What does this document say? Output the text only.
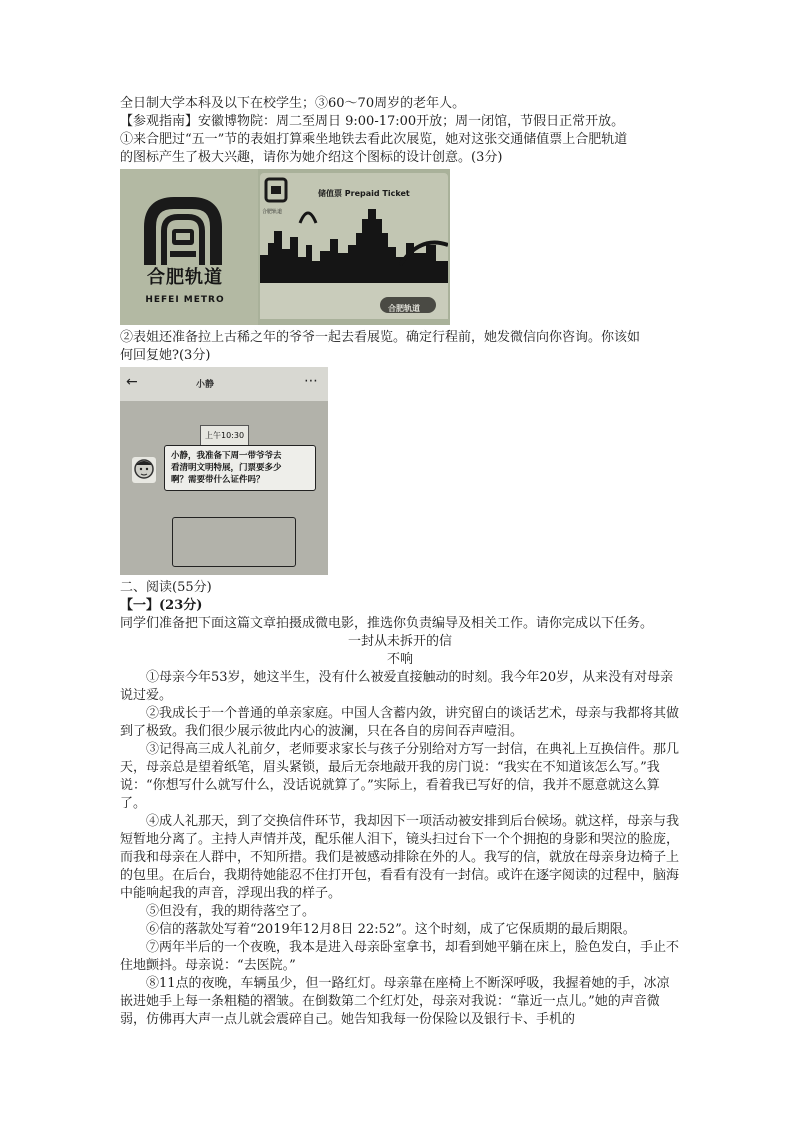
全日制大学本科及以下在校学生；③60～70周岁的老年人。
【参观指南】安徽博物院：周二至周日 9:00-17:00开放；周一闭馆，节假日正常开放。
①来合肥过“五一”节的表姐打算乘坐地铁去看此次展览，她对这张交通储值票上合肥轨道
的图标产生了极大兴趣，请你为她介绍这个图标的设计创意。(3分)
合肥轨道
HEFEI METRO
合肥轨道
储值票 Prepaid Ticket
合肥轨道
②表姐还准备拉上古稀之年的爷爷一起去看展览。确定行程前，她发微信向你咨询。你该如
何回复她?(3分)
←	小静	⋯
上午10:30
小静，我准备下周一带爷爷去
看清明文明特展，门票要多少
啊？需要带什么证件吗？
二、阅读(55分)
【一】(23分)
同学们准备把下面这篇文章拍摄成微电影，推选你负责编导及相关工作。请你完成以下任务。
一封从未拆开的信
不响
①母亲今年53岁，她这半生，没有什么被爱直接触动的时刻。我今年20岁，从来没有对母亲说过爱。
②我成长于一个普通的单亲家庭。中国人含蓄内敛，讲究留白的谈话艺术，母亲与我都将其做到了极致。我们很少展示彼此内心的波澜，只在各自的房间吞声噎泪。
③记得高三成人礼前夕，老师要求家长与孩子分别给对方写一封信，在典礼上互换信件。那几天，母亲总是望着纸笔，眉头紧锁，最后无奈地敲开我的房门说：“我实在不知道该怎么写。”我说：“你想写什么就写什么，没话说就算了。”实际上，看着我已写好的信，我并不愿意就这么算了。
④成人礼那天，到了交换信件环节，我却因下一项活动被安排到后台候场。就这样，母亲与我短暂地分离了。主持人声情并茂，配乐催人泪下，镜头扫过台下一个个拥抱的身影和哭泣的脸庞，而我和母亲在人群中，不知所措。我们是被感动排除在外的人。我写的信，就放在母亲身边椅子上的包里。在后台，我期待她能忍不住打开包，看看有没有一封信。或许在逐字阅读的过程中，脑海中能响起我的声音，浮现出我的样子。
⑤但没有，我的期待落空了。
⑥信的落款处写着“2019年12月8日 22:52”。这个时刻，成了它保质期的最后期限。
⑦两年半后的一个夜晚，我本是进入母亲卧室拿书，却看到她平躺在床上，脸色发白，手止不住地颤抖。母亲说：“去医院。”
⑧11点的夜晚，车辆虽少，但一路红灯。母亲靠在座椅上不断深呼吸，我握着她的手，冰凉嵌进她手上每一条粗糙的褶皱。在倒数第二个红灯处，母亲对我说：“靠近一点儿。”她的声音微弱，仿佛再大声一点儿就会震碎自己。她告知我每一份保险以及银行卡、手机的
